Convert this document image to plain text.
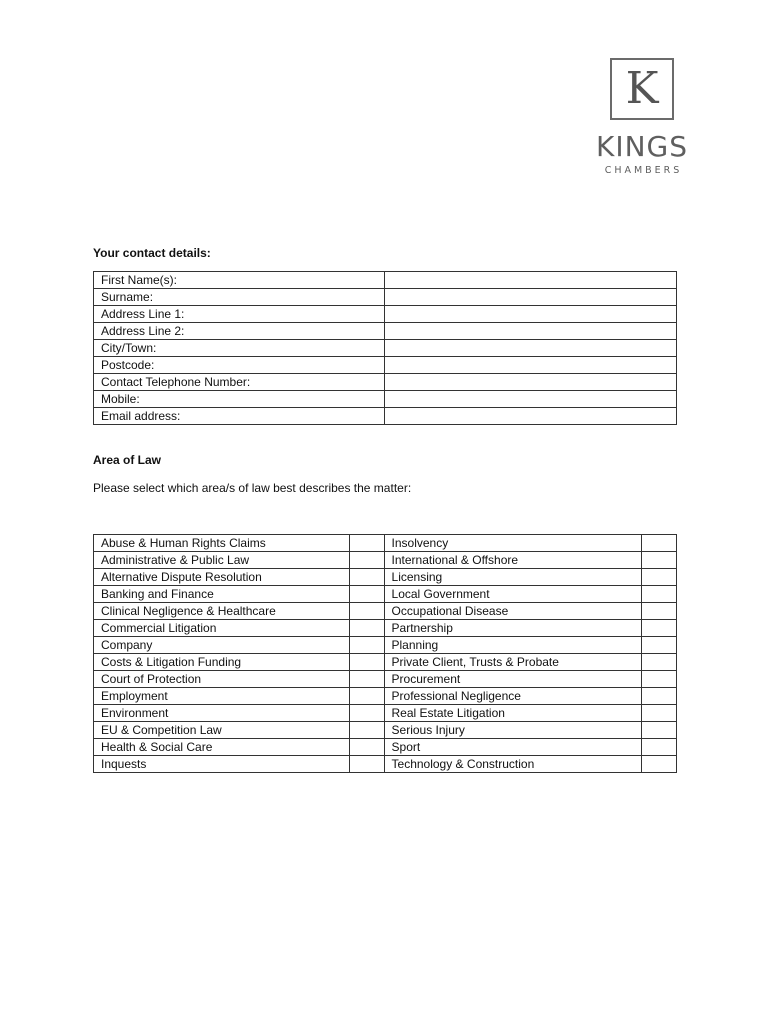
K
KINGS
CHAMBERS
Your contact details:
First Name(s):	
Surname:	
Address Line 1:	
Address Line 2:	
City/Town:	
Postcode:	
Contact Telephone Number:	
Mobile:	
Email address:	
Area of Law
Please select which area/s of law best describes the matter:
Abuse & Human Rights Claims		Insolvency	
Administrative & Public Law		International & Offshore	
Alternative Dispute Resolution		Licensing	
Banking and Finance		Local Government	
Clinical Negligence & Healthcare		Occupational Disease	
Commercial Litigation		Partnership	
Company		Planning	
Costs & Litigation Funding		Private Client, Trusts & Probate	
Court of Protection		Procurement	
Employment		Professional Negligence	
Environment		Real Estate Litigation	
EU & Competition Law		Serious Injury	
Health & Social Care		Sport	
Inquests		Technology & Construction	
